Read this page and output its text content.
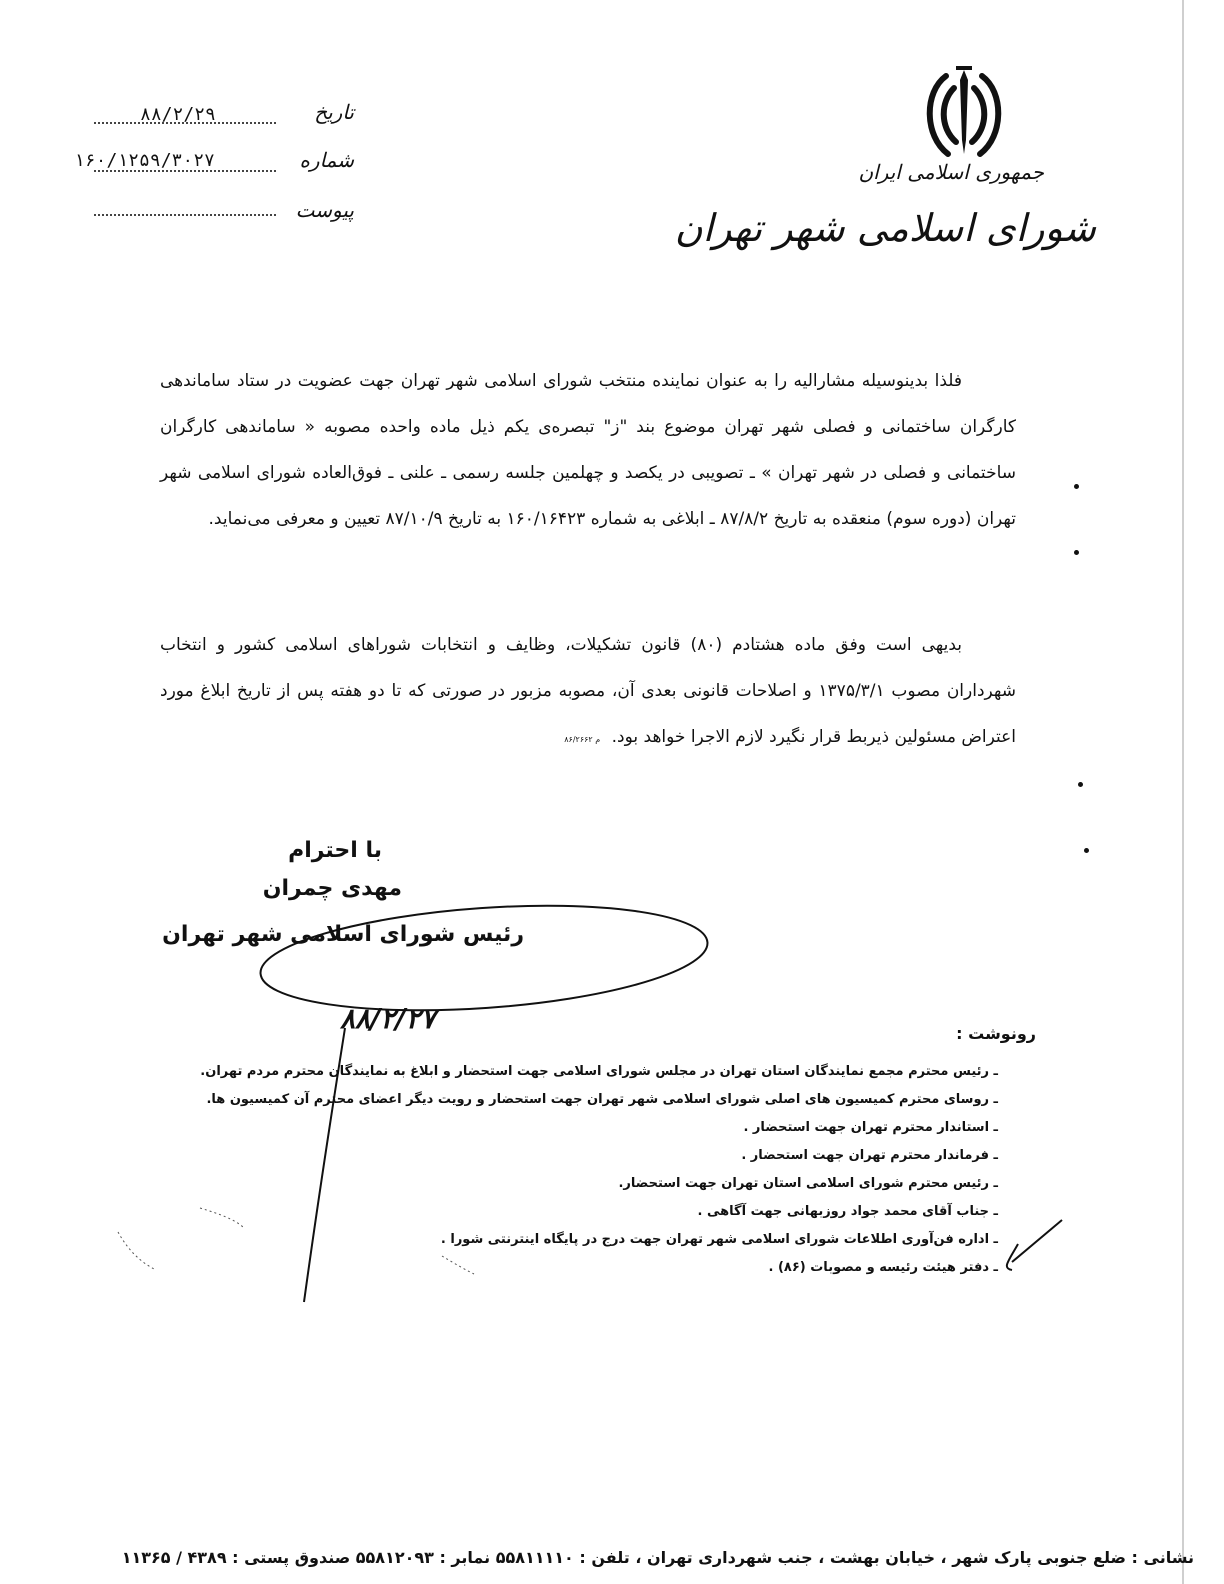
جمهوری اسلامی ایران
شورای اسلامی شهر تهران
تاریخ
۸۸/۲/۲۹
شماره
۱۶۰/۱۲۵۹/۳۰۲۷
پیوست
فلذا بدینوسیله مشارالیه را به عنوان نماینده منتخب شورای اسلامی شهر تهران جهت عضویت در ستاد ساماندهی کارگران ساختمانی و فصلی شهر تهران موضوع بند "ز" تبصره‌ی یکم ذیل ماده واحده مصوبه « ساماندهی کارگران ساختمانی و فصلی در شهر تهران » ـ تصویبی در یکصد و چهلمین جلسه رسمی ـ علنی ـ فوق‌العاده شورای اسلامی شهر تهران (دوره سوم) منعقده به تاریخ ۸۷/۸/۲ ـ ابلاغی به شماره ۱۶۰/۱۶۴۲۳ به تاریخ ۸۷/۱۰/۹ تعیین و معرفی می‌نماید.
بدیهی است وفق ماده هشتادم (۸۰) قانون تشکیلات، وظایف و انتخابات شوراهای اسلامی کشور و انتخاب شهرداران مصوب ۱۳۷۵/۳/۱ و اصلاحات قانونی بعدی آن، مصوبه مزبور در صورتی که تا دو هفته پس از تاریخ ابلاغ مورد اعتراض مسئولین ذیربط قرار نگیرد لازم الاجرا خواهد بود. م ۸۶/۲۶۶۲
با احترام
مهدی چمران
رئیس شورای اسلامی شهر تهران
۸۸/۲/۲۷	رونوشت :
ـ رئیس محترم مجمع نمایندگان استان تهران در مجلس شورای اسلامی جهت استحضار و ابلاغ به نمایندگان محترم مردم تهران.
ـ روسای محترم کمیسیون های اصلی شورای اسلامی شهر تهران جهت استحضار و رویت دیگر اعضای محترم آن کمیسیون ها.
ـ استاندار محترم تهران جهت استحضار .
ـ فرماندار محترم تهران جهت استحضار .
ـ رئیس محترم شورای اسلامی استان تهران جهت استحضار.
ـ جناب آقای محمد جواد روزبهانی جهت آگاهی .
ـ اداره فن‌آوری اطلاعات شورای اسلامی شهر تهران جهت درج در پایگاه اینترنتی شورا .
ـ دفتر هیئت رئیسه و مصوبات (۸۶) .
نشانی : ضلع جنوبی پارک شهر ، خیابان بهشت ، جنب شهرداری تهران ، تلفن : ۵۵۸۱۱۱۱۰ نمابر : ۵۵۸۱۲۰۹۳ صندوق پستی : ۴۳۸۹ / ۱۱۳۶۵
